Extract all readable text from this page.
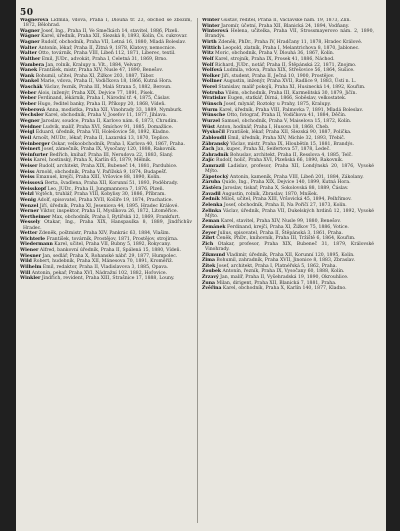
50

Wagnerová Lidmila, vdova, Praha I, Dlouhá tř. 23, obchod se zbožím, 1872, Bělohrad.

Wagner Josef, Ing., Praha II, Ve Smečkách 14, stavitel, 1886, Plzeň.

Wágner Karel, úředník, Praha XII, Slezská 8, 1893, Kolín, Čs. cukrovar.

Wagner Rudolf, obchodník, Praha VII, Letná 16, 1880, Mladá Boleslav.

Walter Antonín, lékař, Praha II, Žitná 9, 1878, Klatovy, nemocnice.

Walter Otto, továrník, Praha VIII, Libeň 112, 1871, Liberec, textil.

Walther Emil, JUDr., advokát, Praha I, Celetná 31, 1869, Brno.

Wambera Jan, rolník, Kralupy n. Vlt., 1884, Velvary.

Wanek František, mistr, Praha XIV, Nusle 47, 1890, Benešov.

Wank Bohumil, učitel, Praha XI, Žižkov 203, 1887, Tábor.

Wankel Marie, vdova, Praha II, Vodičkova 18, 1866, Kutná Hora.

Waschák Václav, řezník, Praha III, Malá Strana 5, 1882, Beroun.

Weber Alois, inženýr, Praha XIX, Dejvice 77, 1891, Písek.

Weber Ferdinand, lékárník, Praha I, Národní tř. 4, 1875, Čáslav.

Weber Hugo, ředitel banky, Praha II, Příkopy 20, 1868, Vídeň.

Weberová Anna, modistka, Praha XII, Vinohrady 33, 1889, Nymburk.

Wechsler Karel, obchodník, Praha V, Josefov 11, 1877, Jihlava.

Wegner Jaroslav, soudce, Praha II, Karlovo nám. 6, 1873, Chrudim.

Weidner Ludvík, malíř, Praha XVI, Smíchov 91, 1885, Domažlice.

Weigl Eduard, úředník, Praha VII, Holešovice 58, 1892, Kladno.

Weil Arnošt, MUDr., lékař, Praha II, Lazarská 13, 1870, Teplice.

Weinberger Oskar, velkoobchodník, Praha I, Karlova 40, 1867, Praha.

Weinert Josef, zámečník, Praha IX, Vysočany 120, 1888, Rakovník.

Weinfurter Bedřich, knihař, Praha III, Nerudova 22, 1883, Slaný.

Weis Karel, hostinský, Praha X, Karlín 65, 1879, Mělník.

Weiser Rudolf, architekt, Praha XIX, Bubeneč 14, 1881, Pardubice.

Weiss Arnold, obchodník, Praha V, Pařížská 9, 1874, Budapešť.

Weiss Emanuel, krejčí, Praha XIII, Vršovice 88, 1890, Kolín.

Weissová Berta, švadlena, Praha XII, Korunní 51, 1893, Poděbrady.

Weisskopf Leo, JUDr., Praha II, Jungmannova 7, 1876, Plzeň.

Welzl Vojtěch, truhlář, Praha VIII, Kobylisy 30, 1886, Příbram.

Wenig Adolf, spisovatel, Praha XVII, Košíře 19, 1874, Prachatice.

Wenzel Jiří, úředník, Praha XI, Jeseniova 44, 1895, Hradec Králové.

Werner Viktor, inspektor, Praha II, Myslíkova 26, 1872, Litoměřice.

Wertheimer Max, obchodník, Praha I, Rytířská 12, 1869, Frankfurt.

Wessely Otakar, Ing., Praha XIX, Hanspaulka 8, 1889, Jindřichův Hradec.

Wetter Zdeněk, poštmistr, Praha XIV, Pankrác 63, 1884, Vlašim.

Wichterle František, továrník, Prostějov, 1871, Prostějov, strojírna.

Wiedermann Karel, učitel, Praha VII, Bubny 5, 1892, Rokycany.

Wiener Alfred, bankovní úředník, Praha II, Spálená 15, 1880, Vídeň.

Wiesner Jan, sedlář, Praha X, Rohanské nábř. 29, 1877, Humpolec.

Wild Robert, hudebník, Praha XII, Mánesova 70, 1891, Kroměříž.

Wilhelm Emil, redaktor, Praha II, Vladislavova 3, 1885, Opava.

Will Antonín, pekař, Praha XVI, Nádražní 102, 1882, Hořovice.

Winkler Jindřich, revident, Praha XIII, Strašnice 17, 1888, Louny.

Winter Gustav, ředitel, Praha II, Václavské nám. 19, 1873, Zlín.

Winter Jaromír, účetní, Praha XII, Blanická 24, 1894, Vodňany.

Winterová Helena, učitelka, Praha VII, Strossmayerovo nám. 2, 1890, Brandýs.

Wirth Zdeněk, PhDr., Praha IV, Hradčany 11, 1878, Hradec Králové.

Wittich Leopold, zlatník, Praha I, Melantrichova 8, 1870, Jablonec.

Witz Moric, obchodník, Praha V, Dlouhá 36, 1867, Kolín.

Wolf Karel, strojník, Praha IX, Prosek 41, 1886, Náchod.

Wolf Richard, JUDr., notář, Praha II, Štěpánská 22, 1871, Znojmo.

Wolfová Ludmila, vdova, Praha XIX, Střešovice 56, 1864, Sušice.

Wolker Jiří, student, Praha II, Ječná 10, 1900, Prostějov.

Wollner Augustin, inženýr, Praha XVII, Radlice 9, 1883, Ústí n. L.

Worel Stanislav, malíř pokojů, Praha XI, Husinecká 14, 1892, Kouřim.

Wotruba Vilém, obchodník, Praha III, Karmelitská 30, 1879, Jičín.

Wratislav Eugen, statkář, Dírná, 1866, Soběslav, velkostatek.

Wünsch Josef, mlynář, Roztoky u Prahy, 1875, Kralupy.

Wurm Karel, úředník, Praha VIII, Palmovka 7, 1891, Mladá Boleslav.

Wünsche Otto, fotograf, Praha II, Vodičkova 41, 1884, Děčín.

Wurzel Samuel, obchodník, Praha V, Maiselova 15, 1872, Kolín.

Wüst Anton, hodinář, Praha I, Husova 18, 1868, Cheb.

Wyskočil František, lékař, Praha XII, Slezská 90, 1887, Polička.

Zabloudil Emil, úředník, Praha XIV, Michle 32, 1893, Třebíč.

Zábranský Václav, mistr, Praha IX, Hloubětín 15, 1881, Brandýs.

Zach Jan, kupec, Praha XI, Seifertova 57, 1878, Ledeč.

Zahradník Bohuslav, architekt, Praha II, Resslova 4, 1885, Telč.

Zajíc Rudolf, holič, Praha XVI, Plzeňská 66, 1890, Rakovník.

Zamrazil Ladislav, profesor, Praha XII, Londýnská 20, 1876, Vysoké Mýto.

Zápotocký Antonín, kameník, Praha VIII, Libeň 201, 1884, Zákolany.

Záruba Quido, Ing., Praha XIX, Dejvice 140, 1899, Kutná Hora.

Zástěra Jaroslav, tiskař, Praha X, Sokolovská 88, 1889, Čáslav.

Zavadil Augustin, rolník, Zbraslav, 1870, Mníšek.

Zedník Miloš, učitel, Praha XIII, Vršovická 45, 1894, Pelhřimov.

Zelenka Josef, obchodník, Praha II, Na Poříčí 27, 1873, Kolín.

Zelinka Václav, úředník, Praha VII, Dukelských hrdinů 12, 1892, Vysoké Mýto.

Zeman Karel, stavitel, Praha XIV, Nusle 99, 1880, Benešov.

Zemánek Ferdinand, krejčí, Praha XI, Žižkov 75, 1886, Votice.

Zeyer Julius, spisovatel, Praha II, Štěpánská 3, 1861, Praha.

Zíbrt Čeněk, PhDr., knihovník, Praha III, Tržiště 6, 1864, Kouřim.

Zich Otakar, profesor, Praha XIX, Bubeneč 31, 1879, Královské Vinohrady.

Zikmund Vladimír, úředník, Praha XII, Korunní 120, 1895, Kolín.

Zima Bohumil, zahradník, Praha XVII, Jinonice 8, 1883, Zbraslav.

Zítek Josef, architekt, Praha I, Platnéřská 5, 1862, Praha.

Zoubek Antonín, řezník, Praha IX, Vysočany 60, 1888, Kolín.

Zrzavý Jan, malíř, Praha II, Vyšehradská 19, 1890, Okrouhlice.

Zuna Milan, dirigent, Praha XII, Blanická 7, 1881, Praha.

Zvěřina Karel, obchodník, Praha X, Karlín 140, 1877, Kladno.
